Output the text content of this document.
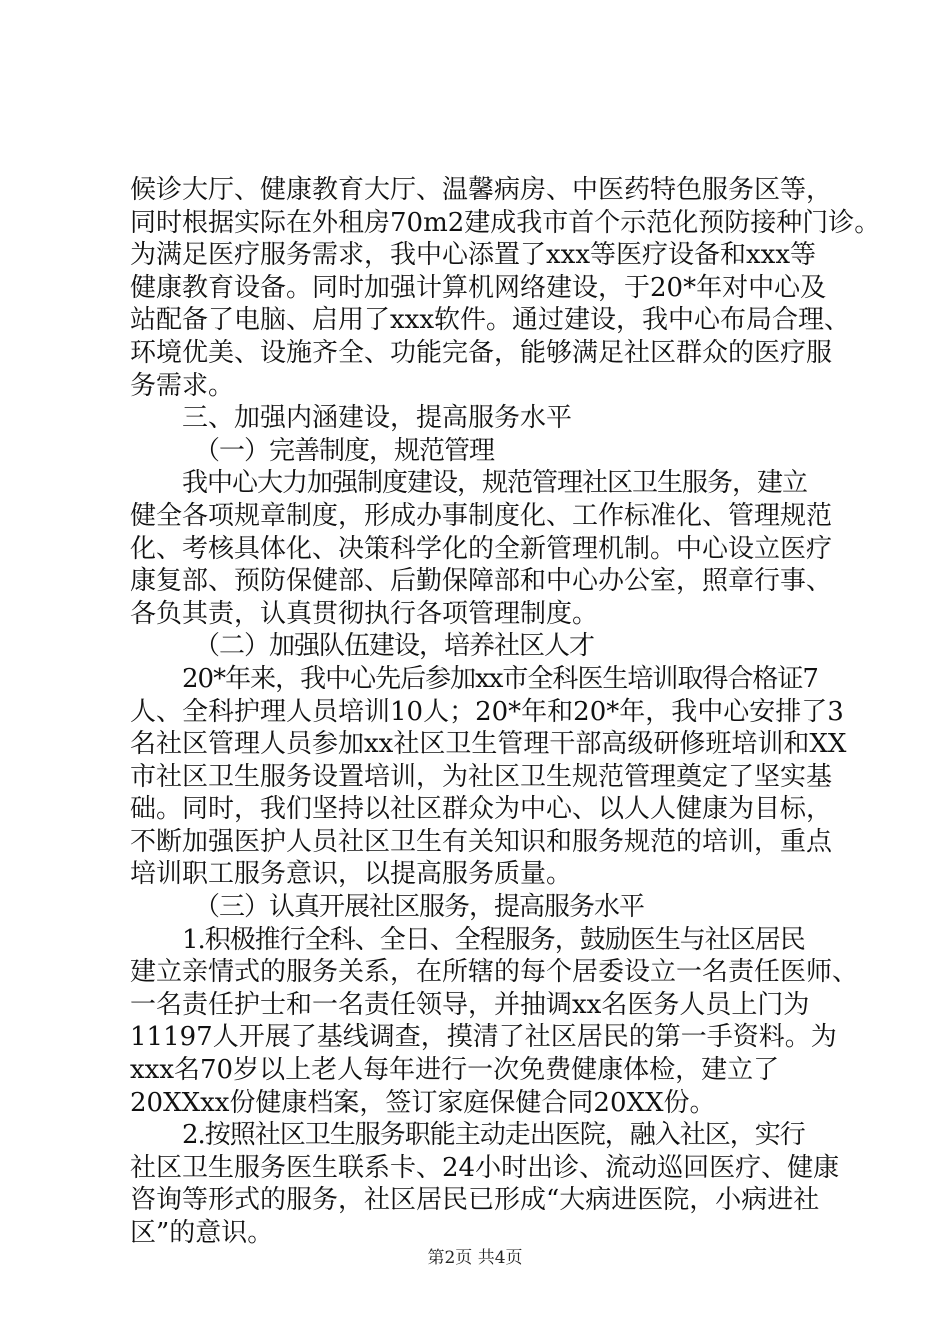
候诊大厅、健康教育大厅、温馨病房、中医药特色服务区等，
同时根据实际在外租房70m2建成我市首个示范化预防接种门诊。
为满足医疗服务需求，我中心添置了xxx等医疗设备和xxx等
健康教育设备。同时加强计算机网络建设，于20*年对中心及
站配备了电脑、启用了xxx软件。通过建设，我中心布局合理、
环境优美、设施齐全、功能完备，能够满足社区群众的医疗服
务需求。
三、加强内涵建设，提高服务水平
（一）完善制度，规范管理
我中心大力加强制度建设，规范管理社区卫生服务，建立
健全各项规章制度，形成办事制度化、工作标准化、管理规范
化、考核具体化、决策科学化的全新管理机制。中心设立医疗
康复部、预防保健部、后勤保障部和中心办公室，照章行事、
各负其责，认真贯彻执行各项管理制度。
（二）加强队伍建设，培养社区人才
20*年来，我中心先后参加xx市全科医生培训取得合格证7
人、全科护理人员培训10人；20*年和20*年，我中心安排了3
名社区管理人员参加xx社区卫生管理干部高级研修班培训和XX
市社区卫生服务设置培训，为社区卫生规范管理奠定了坚实基
础。同时，我们坚持以社区群众为中心、以人人健康为目标，
不断加强医护人员社区卫生有关知识和服务规范的培训，重点
培训职工服务意识，以提高服务质量。
（三）认真开展社区服务，提高服务水平
1.积极推行全科、全日、全程服务，鼓励医生与社区居民
建立亲情式的服务关系，在所辖的每个居委设立一名责任医师、
一名责任护士和一名责任领导，并抽调xx名医务人员上门为
11197人开展了基线调查，摸清了社区居民的第一手资料。为
xxx名70岁以上老人每年进行一次免费健康体检，建立了
20XXxx份健康档案，签订家庭保健合同20XX份。
2.按照社区卫生服务职能主动走出医院，融入社区，实行
社区卫生服务医生联系卡、24小时出诊、流动巡回医疗、健康
咨询等形式的服务，社区居民已形成“大病进医院，小病进社
区”的意识。
第2页 共4页
